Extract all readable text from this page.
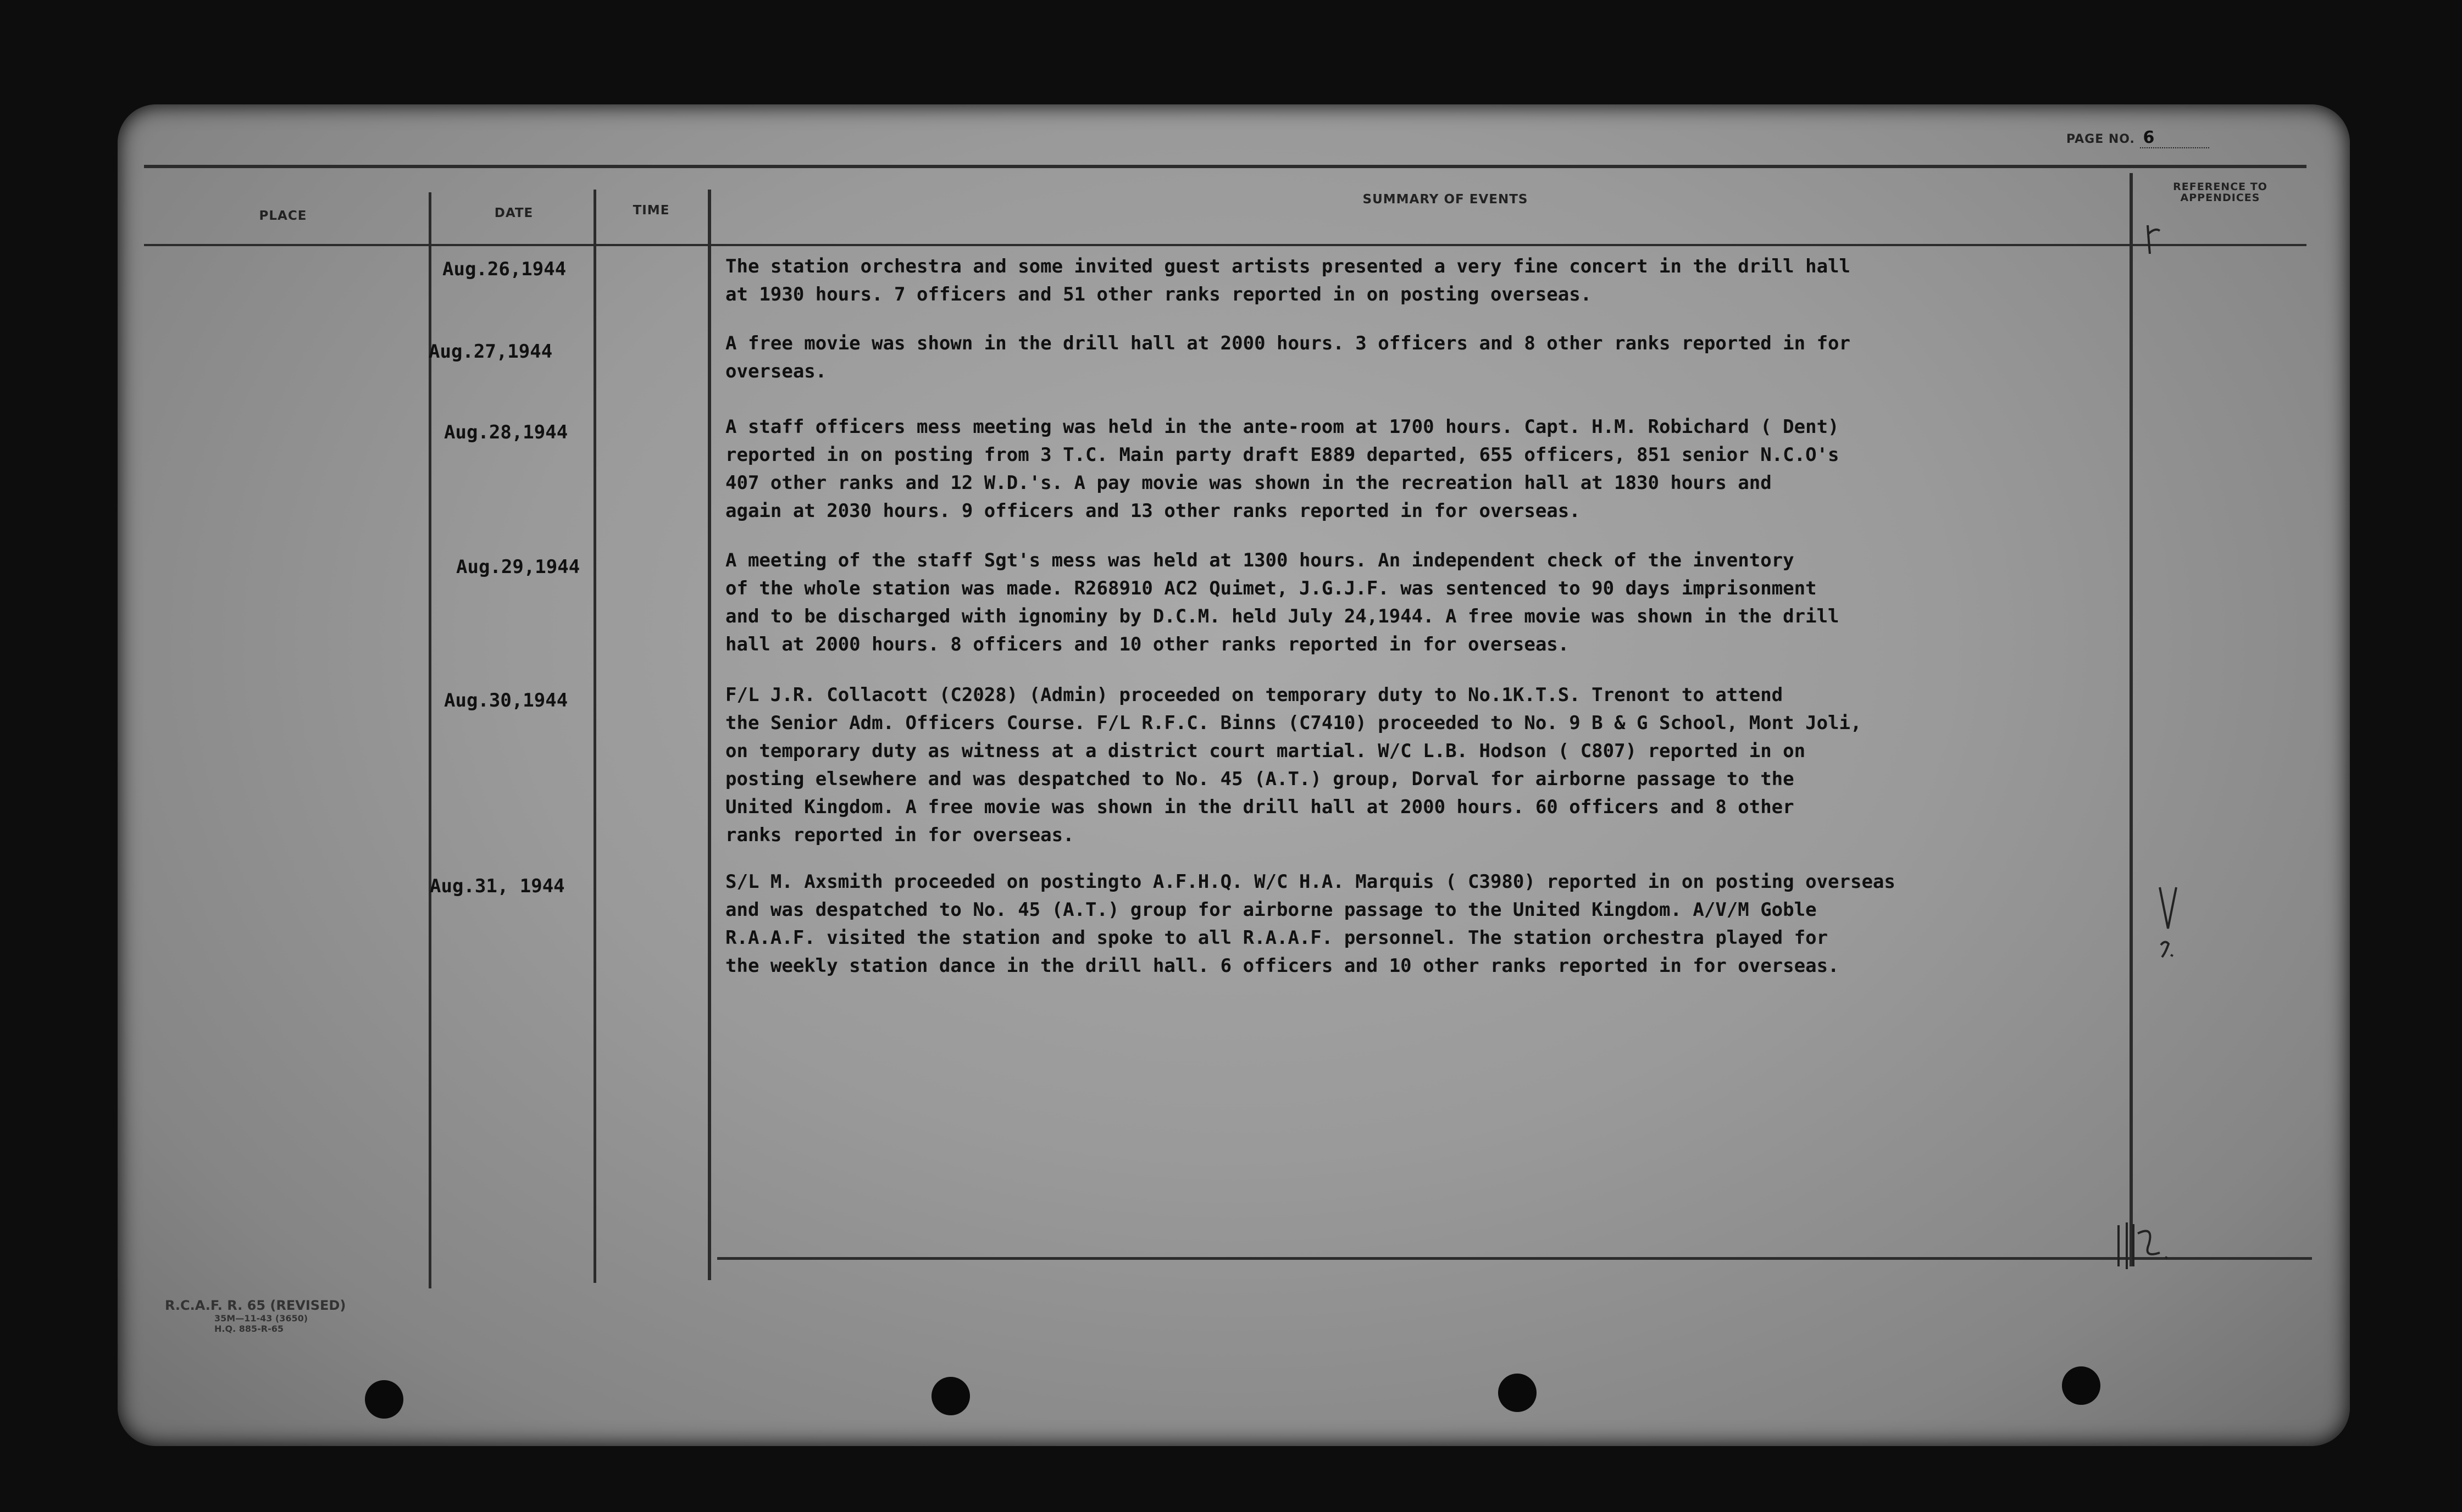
PAGE NO. 6
PLACE	DATE	TIME
SUMMARY OF EVENTS
REFERENCE TO APPENDICES
Aug.26,1944
Aug.27,1944
Aug.28,1944
Aug.29,1944
Aug.30,1944
Aug.31, 1944
The station orchestra and some invited guest artists presented a very fine concert in the drill hall
at 1930 hours. 7 officers and 51 other ranks reported in on posting overseas.
A free movie was shown in the drill hall at 2000 hours. 3 officers and 8 other ranks reported in for
overseas.
A staff officers mess meeting was held in the ante-room at 1700 hours. Capt. H.M. Robichard ( Dent)
reported in on posting from 3 T.C. Main party draft E889 departed, 655 officers, 851 senior N.C.O's
407 other ranks and 12 W.D.'s. A pay movie was shown in the recreation hall at 1830 hours and
again at 2030 hours. 9 officers and 13 other ranks reported in for overseas.
A meeting of the staff Sgt's mess was held at 1300 hours. An independent check of the inventory
of the whole station was made. R268910 AC2 Quimet, J.G.J.F. was sentenced to 90 days imprisonment
and to be discharged with ignominy by D.C.M. held July 24,1944. A free movie was shown in the drill
hall at 2000 hours. 8 officers and 10 other ranks reported in for overseas.
F/L J.R. Collacott (C2028) (Admin) proceeded on temporary duty to No.1K.T.S. Trenont to attend
the Senior Adm. Officers Course. F/L R.F.C. Binns (C7410) proceeded to No. 9 B & G School, Mont Joli,
on temporary duty as witness at a district court martial. W/C L.B. Hodson ( C807) reported in on
posting elsewhere and was despatched to No. 45 (A.T.) group, Dorval for airborne passage to the
United Kingdom. A free movie was shown in the drill hall at 2000 hours. 60 officers and 8 other
ranks reported in for overseas.
S/L M. Axsmith proceeded on postingto A.F.H.Q. W/C H.A. Marquis ( C3980) reported in on posting overseas
and was despatched to No. 45 (A.T.) group for airborne passage to the United Kingdom. A/V/M Goble
R.A.A.F. visited the station and spoke to all R.A.A.F. personnel. The station orchestra played for
the weekly station dance in the drill hall. 6 officers and 10 other ranks reported in for overseas.
R.C.A.F. R. 65 (REVISED)
35M—11-43 (3650)
H.Q. 885-R-65
